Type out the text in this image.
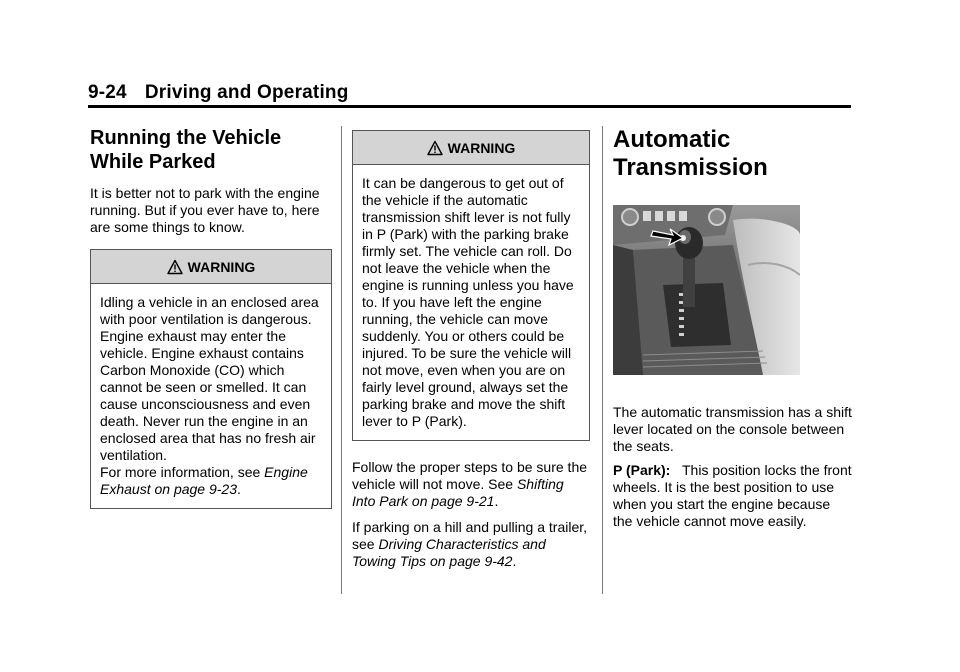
9-24 Driving and Operating
Running the Vehicle While Parked

It is better not to park with the engine running. But if you ever have to, here are some things to know.

WARNING
Idling a vehicle in an enclosed area with poor ventilation is dangerous. Engine exhaust may enter the vehicle. Engine exhaust contains Carbon Monoxide (CO) which cannot be seen or smelled. It can cause unconsciousness and even death. Never run the engine in an enclosed area that has no fresh air ventilation.
For more information, see Engine Exhaust on page 9-23.
WARNING
It can be dangerous to get out of the vehicle if the automatic transmission shift lever is not fully in P (Park) with the parking brake firmly set. The vehicle can roll. Do not leave the vehicle when the engine is running unless you have to. If you have left the engine running, the vehicle can move suddenly. You or others could be injured. To be sure the vehicle will not move, even when you are on fairly level ground, always set the parking brake and move the shift lever to P (Park).

Follow the proper steps to be sure the vehicle will not move. See Shifting Into Park on page 9-21.

If parking on a hill and pulling a trailer, see Driving Characteristics and Towing Tips on page 9-42.

Automatic Transmission

The automatic transmission has a shift lever located on the console between the seats.

P (Park): This position locks the front wheels. It is the best position to use when you start the engine because the vehicle cannot move easily.
